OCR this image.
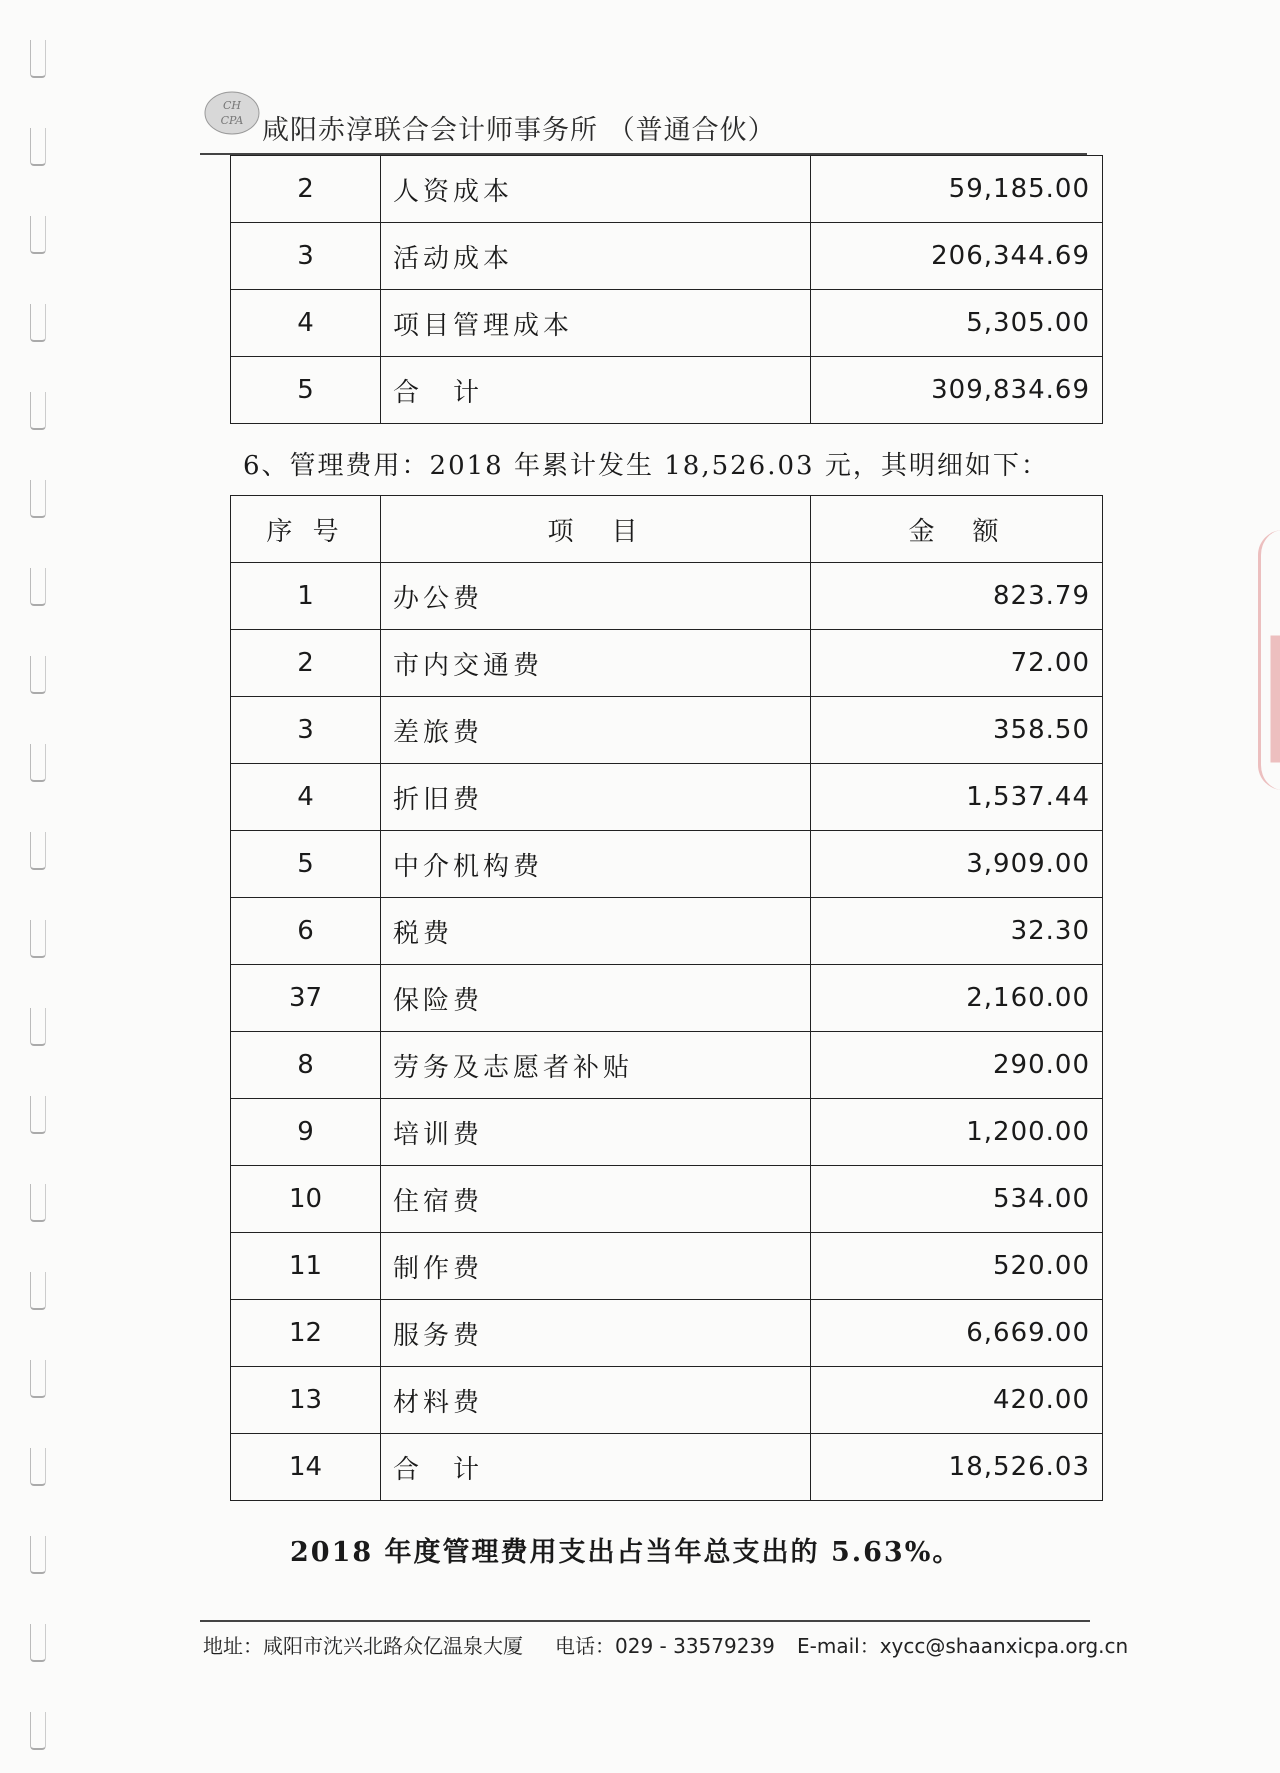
CH
CPA 咸阳赤淳联合会计师事务所 （普通合伙）
2	人资成本	59,185.00
3	活动成本	206,344.69
4	项目管理成本	5,305.00
5	合　计	309,834.69
6、管理费用：2018 年累计发生 18,526.03 元，其明细如下：
序 号	项　目	金　额
1	办公费	823.79
2	市内交通费	72.00
3	差旅费	358.50
4	折旧费	1,537.44
5	中介机构费	3,909.00
6	税费	32.30
37	保险费	2,160.00
8	劳务及志愿者补贴	290.00
9	培训费	1,200.00
10	住宿费	534.00
11	制作费	520.00
12	服务费	6,669.00
13	材料费	420.00
14	合　计	18,526.03
2018 年度管理费用支出占当年总支出的 5.63%。
地址：咸阳市沈兴北路众亿温泉大厦 电话：029 - 33579239 E-mail：xycc@shaanxicpa.org.cn
